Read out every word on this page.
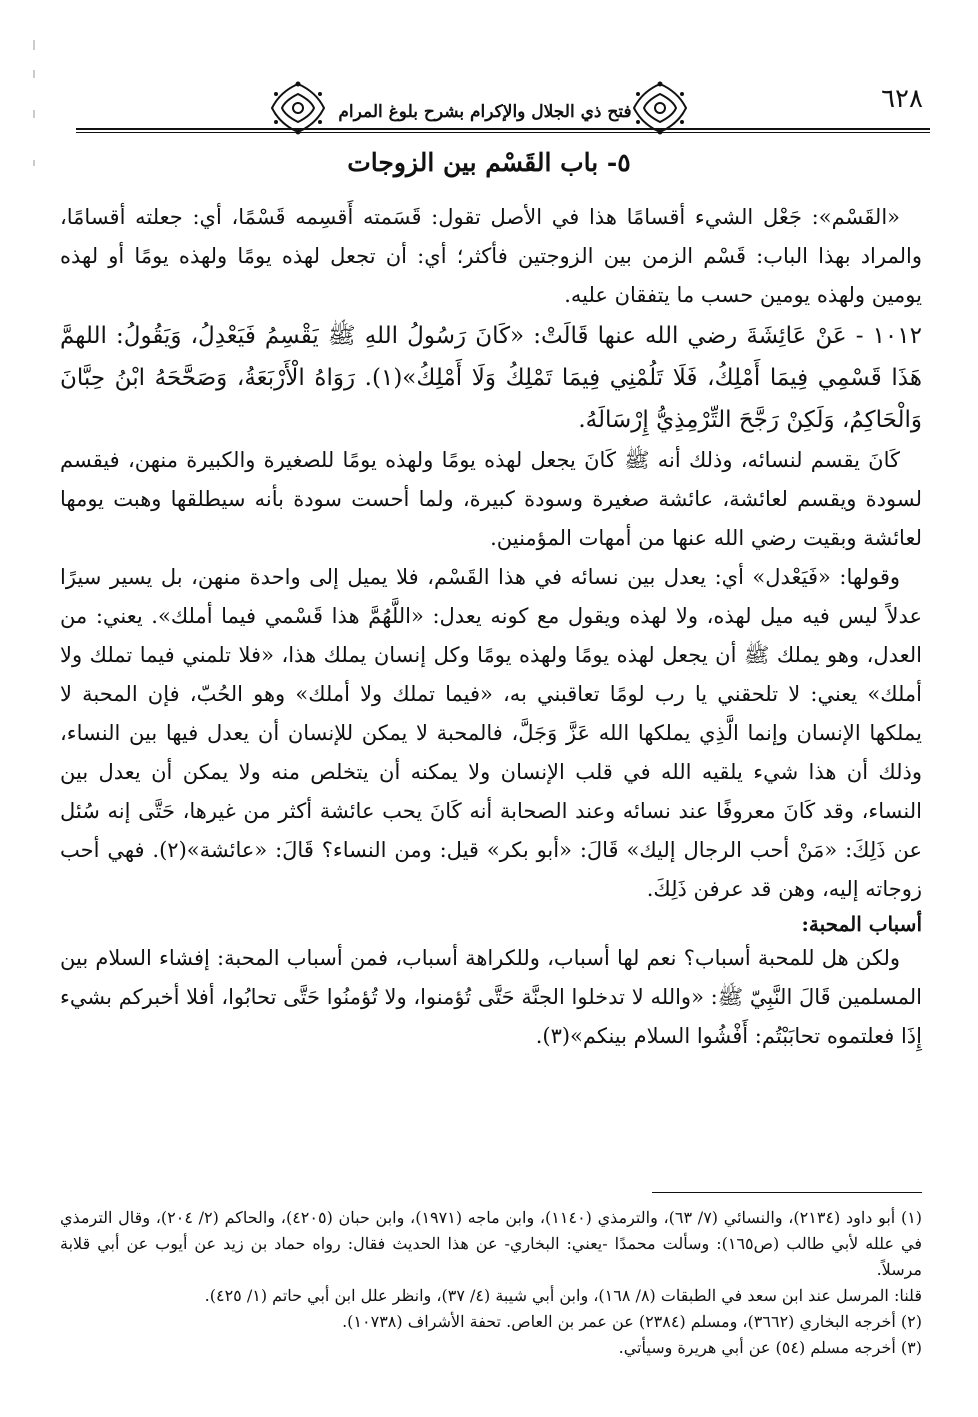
٦٢٨
فتح ذي الجلال والإكرام بشرح بلوغ المرام
٥- باب القَسْم بين الزوجات

«القَسْم»: جَعْل الشيء أقسامًا هذا في الأصل تقول: قَسَمته أَقسِمه قَسْمًا، أي: جعلته أقسامًا، والمراد بهذا الباب: قَسْم الزمن بين الزوجتين فأكثر؛ أي: أن تجعل لهذه يومًا ولهذه يومًا أو لهذه يومين ولهذه يومين حسب ما يتفقان عليه.

١٠١٢ - عَنْ عَائِشَةَ رضي الله عنها قَالَتْ: «كَانَ رَسُولُ اللهِ ﷺ يَقْسِمُ فَيَعْدِلُ، وَيَقُولُ: اللهمَّ هَذَا قَسْمِي فِيمَا أَمْلِكُ، فَلَا تَلُمْنِي فِيمَا تَمْلِكُ وَلَا أَمْلِكُ»(١). رَوَاهُ الْأَرْبَعَةُ، وَصَحَّحَهُ ابْنُ حِبَّانَ وَالْحَاكِمُ، وَلَكِنْ رَجَّحَ التِّرْمِذِيُّ إِرْسَالَهُ.

كَانَ يقسم لنسائه، وذلك أنه ﷺ كَانَ يجعل لهذه يومًا ولهذه يومًا للصغيرة والكبيرة منهن، فيقسم لسودة ويقسم لعائشة، عائشة صغيرة وسودة كبيرة، ولما أحست سودة بأنه سيطلقها وهبت يومها لعائشة وبقيت رضي الله عنها من أمهات المؤمنين.

وقولها: «فَيَعْدل» أي: يعدل بين نسائه في هذا القَسْم، فلا يميل إلى واحدة منهن، بل يسير سيرًا عدلاً ليس فيه ميل لهذه، ولا لهذه ويقول مع كونه يعدل: «اللَّهُمَّ هذا قَسْمي فيما أملك». يعني: من العدل، وهو يملك ﷺ أن يجعل لهذه يومًا ولهذه يومًا وكل إنسان يملك هذا، «فلا تلمني فيما تملك ولا أملك» يعني: لا تلحقني يا رب لومًا تعاقبني به، «فيما تملك ولا أملك» وهو الحُبّ، فإن المحبة لا يملكها الإنسان وإنما الَّذِي يملكها الله عَزَّ وَجَلَّ، فالمحبة لا يمكن للإنسان أن يعدل فيها بين النساء، وذلك أن هذا شيء يلقيه الله في قلب الإنسان ولا يمكنه أن يتخلص منه ولا يمكن أن يعدل بين النساء، وقد كَانَ معروفًا عند نسائه وعند الصحابة أنه كَانَ يحب عائشة أكثر من غيرها، حَتَّى إنه سُئل عن ذَلِكَ: «مَنْ أحب الرجال إليك» قَالَ: «أبو بكر» قيل: ومن النساء؟ قَالَ: «عائشة»(٢). فهي أحب زوجاته إليه، وهن قد عرفن ذَلِكَ.

أسباب المحبة:

ولكن هل للمحبة أسباب؟ نعم لها أسباب، وللكراهة أسباب، فمن أسباب المحبة: إفشاء السلام بين المسلمين قَالَ النَّبِيّ ﷺ: «والله لا تدخلوا الجنَّة حَتَّى تُؤمنوا، ولا تُؤمنُوا حَتَّى تحابُوا، أفلا أخبركم بشيء إِذَا فعلتموه تحابَبْتُم: أَفْشُوا السلام بينكم»(٣).

(١) أبو داود (٢١٣٤)، والنسائي (٧/ ٦٣)، والترمذي (١١٤٠)، وابن ماجه (١٩٧١)، وابن حبان (٤٢٠٥)، والحاكم (٢/ ٢٠٤)، وقال الترمذي في علله لأبي طالب (ص١٦٥): وسألت محمدًا -يعني: البخاري- عن هذا الحديث فقال: رواه حماد بن زيد عن أيوب عن أبي قلابة مرسلاً.

قلنا: المرسل عند ابن سعد في الطبقات (٨/ ١٦٨)، وابن أبي شيبة (٤/ ٣٧)، وانظر علل ابن أبي حاتم (١/ ٤٢٥).

(٢) أخرجه البخاري (٣٦٦٢)، ومسلم (٢٣٨٤) عن عمر بن العاص. تحفة الأشراف (١٠٧٣٨).

(٣) أخرجه مسلم (٥٤) عن أبي هريرة وسيأتي.
